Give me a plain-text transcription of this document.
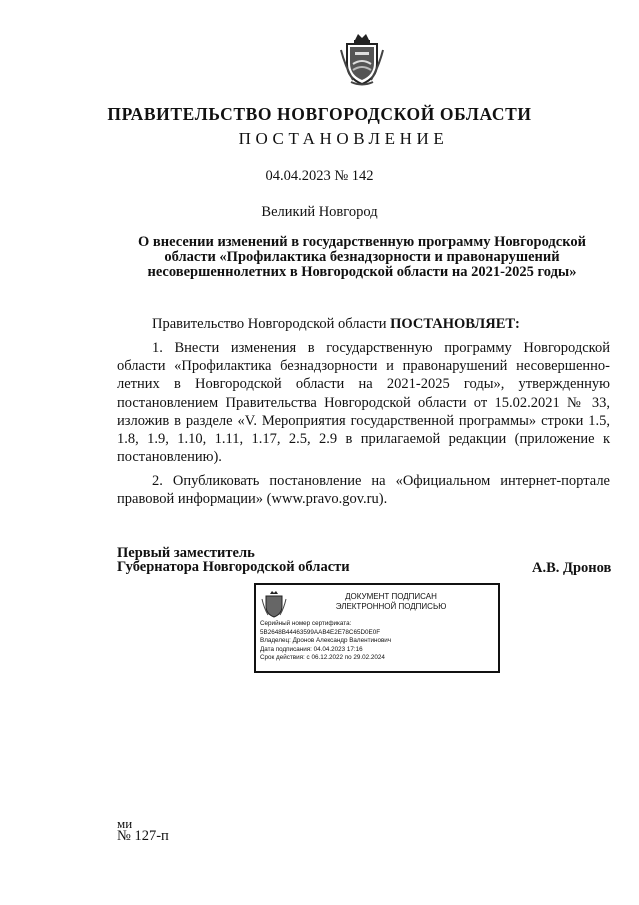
ПРАВИТЕЛЬСТВО НОВГОРОДСКОЙ ОБЛАСТИ
ПОСТАНОВЛЕНИЕ
04.04.2023 № 142
Великий Новгород
О внесении изменений в государственную программу Новгородской области «Профилактика безнадзорности и правонарушений несовершеннолетних в Новгородской области на 2021-2025 годы»
Правительство Новгородской области ПОСТАНОВЛЯЕТ:

1. Внести изменения в государственную программу Новгородской области «Профилактика безнадзорности и правонарушений несовершеннолетних в Новгородской области на 2021-2025 годы», утвержденную постановлением Правительства Новгородской области от 15.02.2021 № 33, изложив в разделе «V. Мероприятия государственной программы» строки 1.5, 1.8, 1.9, 1.10, 1.11, 1.17, 2.5, 2.9 в прилагаемой редакции (приложение к постановлению).

2. Опубликовать постановление на «Официальном интернет-портале правовой информации» (www.pravo.gov.ru).

Первый заместитель
Губернатора Новгородской области	А.В. Дронов
ДОКУМЕНТ ПОДПИСАН
ЭЛЕКТРОННОЙ ПОДПИСЬЮ
Серийный номер сертификата:
5B2648B44463599AAB4E2E78C65D0E0F
Владелец: Дронов Александр Валентинович
Дата подписания: 04.04.2023 17:16
Срок действия: с 06.12.2022 по 29.02.2024
ми
№ 127-п
